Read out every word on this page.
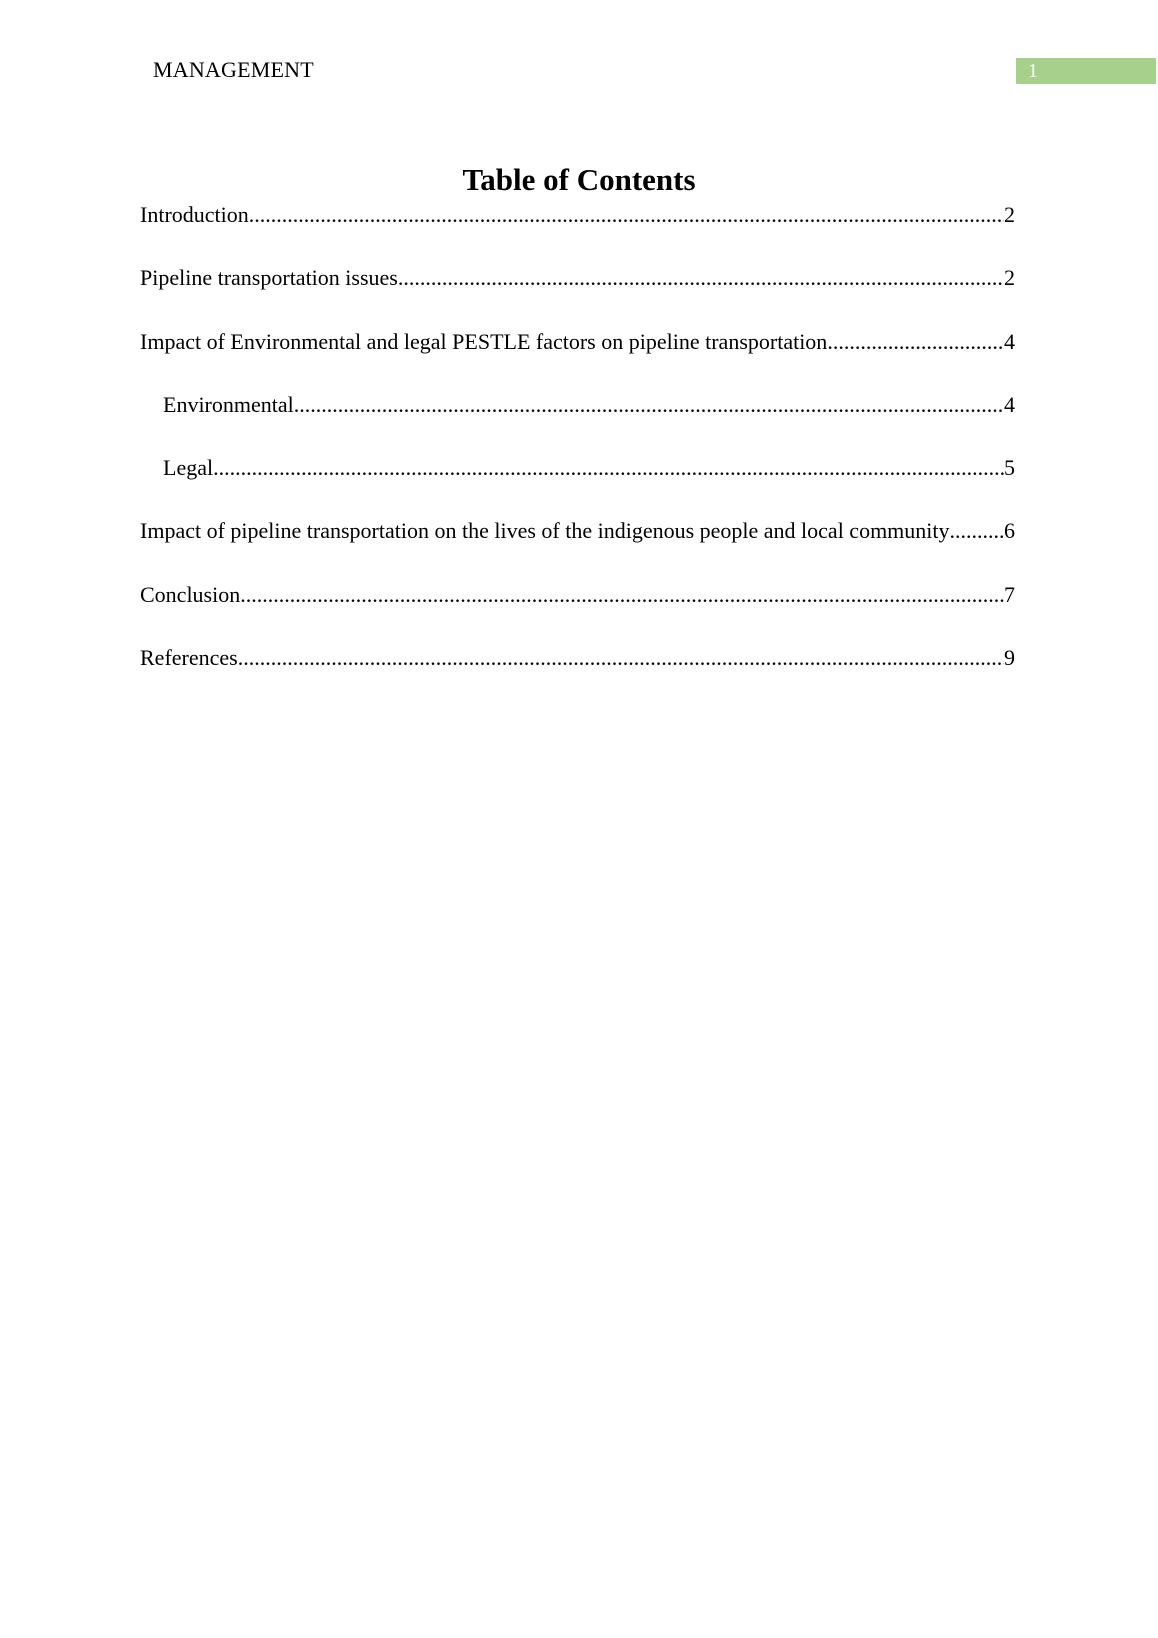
MANAGEMENT	1
Table of Contents
Introduction .....	2
Pipeline transportation issues .....	2
Impact of Environmental and legal PESTLE factors on pipeline transportation .....	4
Environmental .....	4
Legal .....	5
Impact of pipeline transportation on the lives of the indigenous people and local community ..... 6
Conclusion .....	7
References .....	9
